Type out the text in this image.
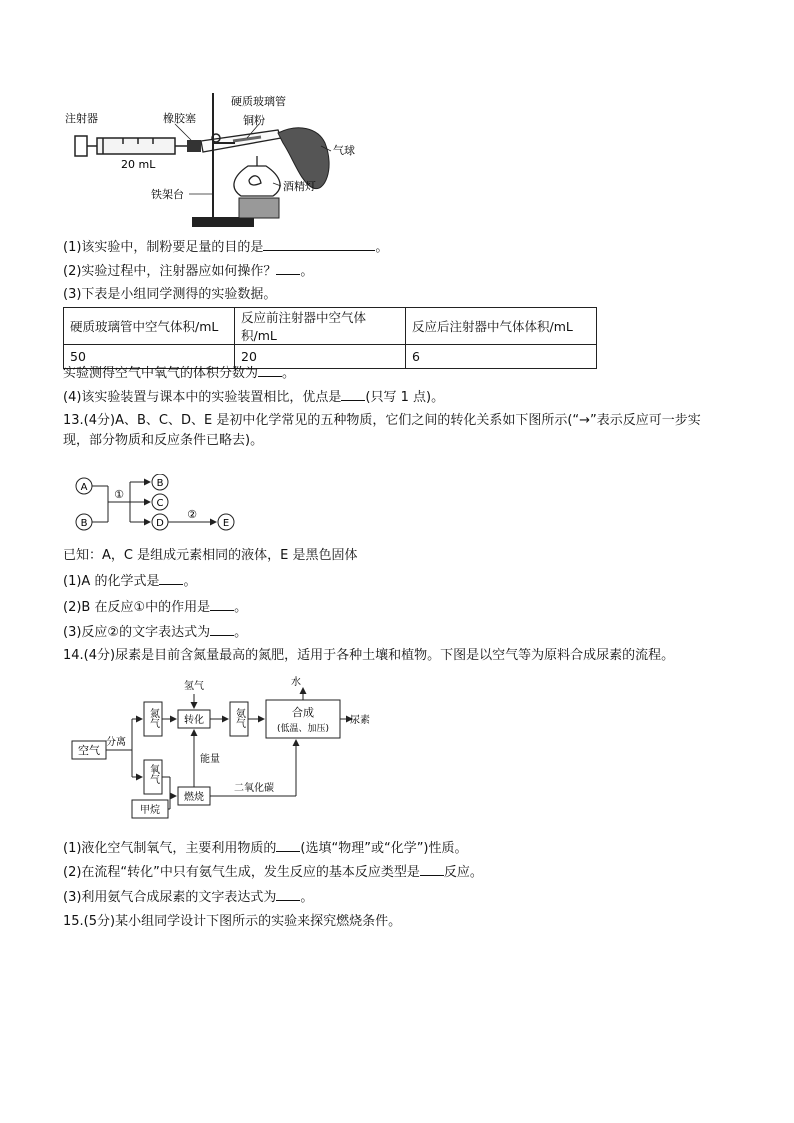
注射器	橡胶塞
硬质玻璃管
铜粉
20 mL
气球
酒精灯
铁架台
(1)该实验中，制粉要足量的目的是	。
(2)实验过程中，注射器应如何操作？ 。
(3)下表是小组同学测得的实验数据。
硬质玻璃管中空气体积/mL	反应前注射器中空气体积/mL	反应后注射器中气体体积/mL
50	20	6
实验测得空气中氧气的体积分数为 。
(4)该实验装置与课本中的实验装置相比，优点是 (只写 1 点)。
13.(4分)A、B、C、D、E 是初中化学常见的五种物质，它们之间的转化关系如下图所示(“→”表示反应可一步实现，部分物质和反应条件已略去)。
A
B
B
C
D	E
①
②
已知：A，C 是组成元素相同的液体，E 是黑色固体
(1)A 的化学式是 。
(2)B 在反应①中的作用是 。
(3)反应②的文字表达式为 。
14.(4分)尿素是目前含氮量最高的氮肥，适用于各种土壤和植物。下图是以空气等为原料合成尿素的流程。
空气
分离
氮气
氧气
氢气
转化	氨气	合成
(低温、加压)
水
尿素
能量
燃烧
甲烷
二氧化碳
(1)液化空气制氧气，主要利用物质的 (选填“物理”或“化学”)性质。
(2)在流程“转化”中只有氨气生成，发生反应的基本反应类型是 反应。
(3)利用氨气合成尿素的文字表达式为 。
15.(5分)某小组同学设计下图所示的实验来探究燃烧条件。
